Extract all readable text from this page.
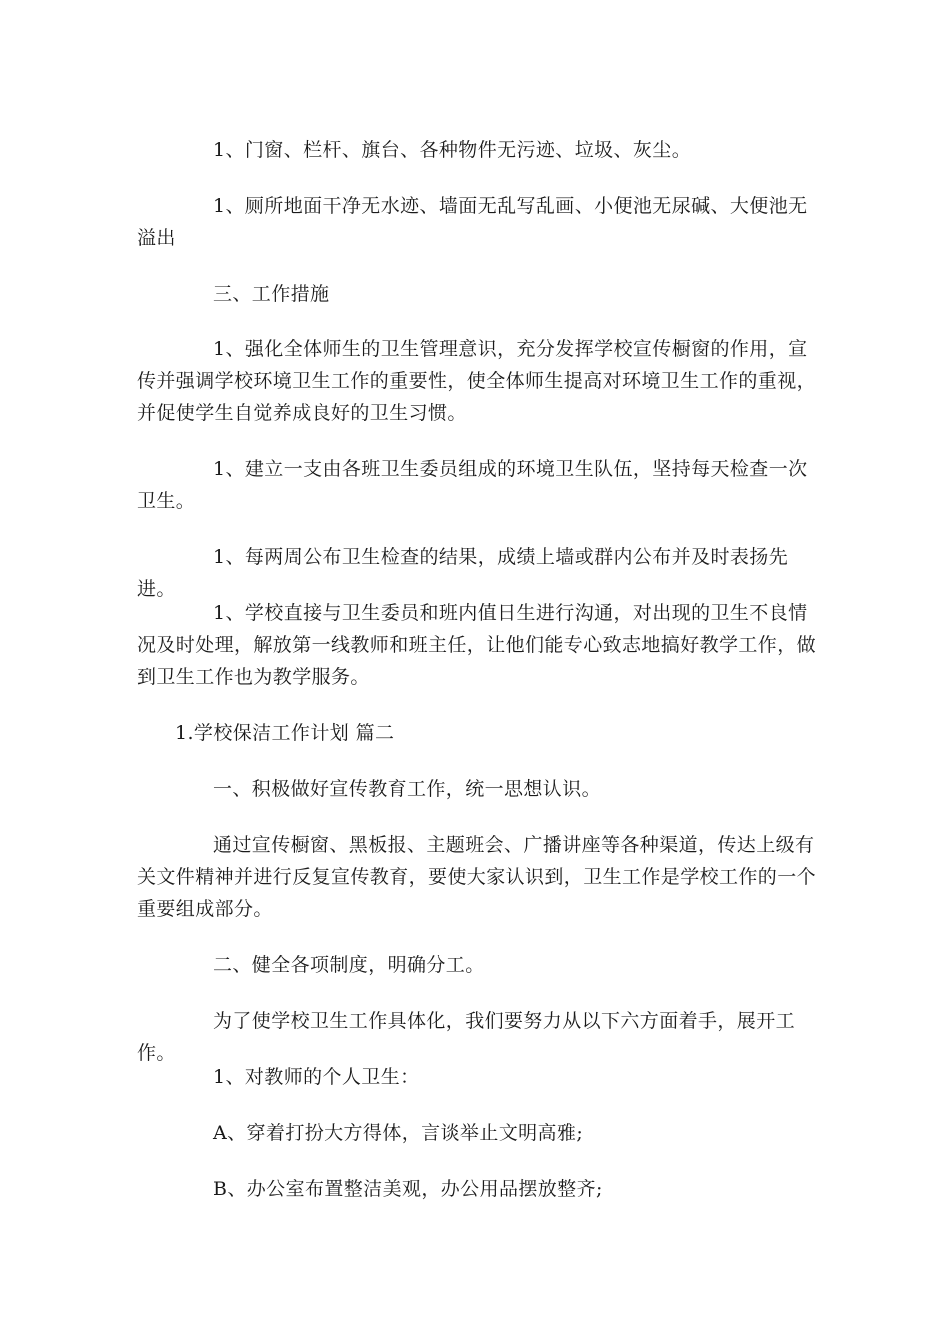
1、门窗、栏杆、旗台、各种物件无污迹、垃圾、灰尘。

1、厕所地面干净无水迹、墙面无乱写乱画、小便池无尿碱、大便池无溢出

三、工作措施

1、强化全体师生的卫生管理意识，充分发挥学校宣传橱窗的作用，宣传并强调学校环境卫生工作的重要性，使全体师生提高对环境卫生工作的重视，并促使学生自觉养成良好的卫生习惯。

1、建立一支由各班卫生委员组成的环境卫生队伍，坚持每天检查一次卫生。

1、每两周公布卫生检查的结果，成绩上墙或群内公布并及时表扬先进。

1、学校直接与卫生委员和班内值日生进行沟通，对出现的卫生不良情况及时处理，解放第一线教师和班主任，让他们能专心致志地搞好教学工作，做到卫生工作也为教学服务。

1.学校保洁工作计划 篇二

一、积极做好宣传教育工作，统一思想认识。

通过宣传橱窗、黑板报、主题班会、广播讲座等各种渠道，传达上级有关文件精神并进行反复宣传教育，要使大家认识到，卫生工作是学校工作的一个重要组成部分。

二、健全各项制度，明确分工。

为了使学校卫生工作具体化，我们要努力从以下六方面着手，展开工作。

1、对教师的个人卫生：

A、穿着打扮大方得体，言谈举止文明高雅;

B、办公室布置整洁美观，办公用品摆放整齐;
